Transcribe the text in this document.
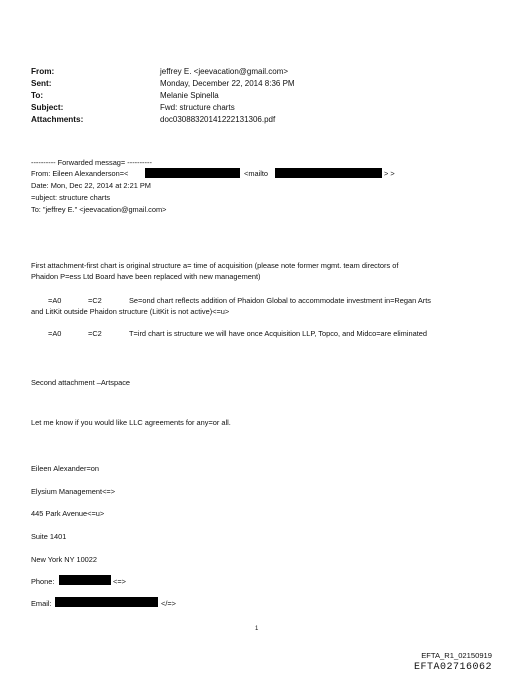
From:	jeffrey E. <jeevacation@gmail.com>
Sent:	Monday, December 22, 2014 8:36 PM
To:	Melanie Spinella
Subject:	Fwd: structure charts
Attachments:	doc03088320141222131306.pdf
---------- Forwarded messag= ----------
From: Eileen Alexanderson=<	<mailto	> >
Date: Mon, Dec 22, 2014 at 2:21 PM
=ubject: structure charts
To: "jeffrey E." <jeevacation@gmail.com>
First attachment-first chart is original structure a= time of acquisition (please note former mgmt. team directors of
Phaidon P=ess Ltd Board have been replaced with new management)
=A0	=C2	Se=ond chart reflects addition of Phaidon Global to accommodate investment in=Regan Arts
and LitKit outside Phaidon structure (LitKit is not active)<=u>
=A0	=C2	T=ird chart is structure we will have once Acquisition LLP, Topco, and Midco=are eliminated
Second attachment –Artspace
Let me know if you would like LLC agreements for any=or all.
Eileen Alexander=on
Elysium Management<=>
445 Park Avenue<=u>
Suite 1401
New York NY 10022
Phone:	<=>
Email:	</=>
1
EFTA_R1_02150919
EFTA02716062
